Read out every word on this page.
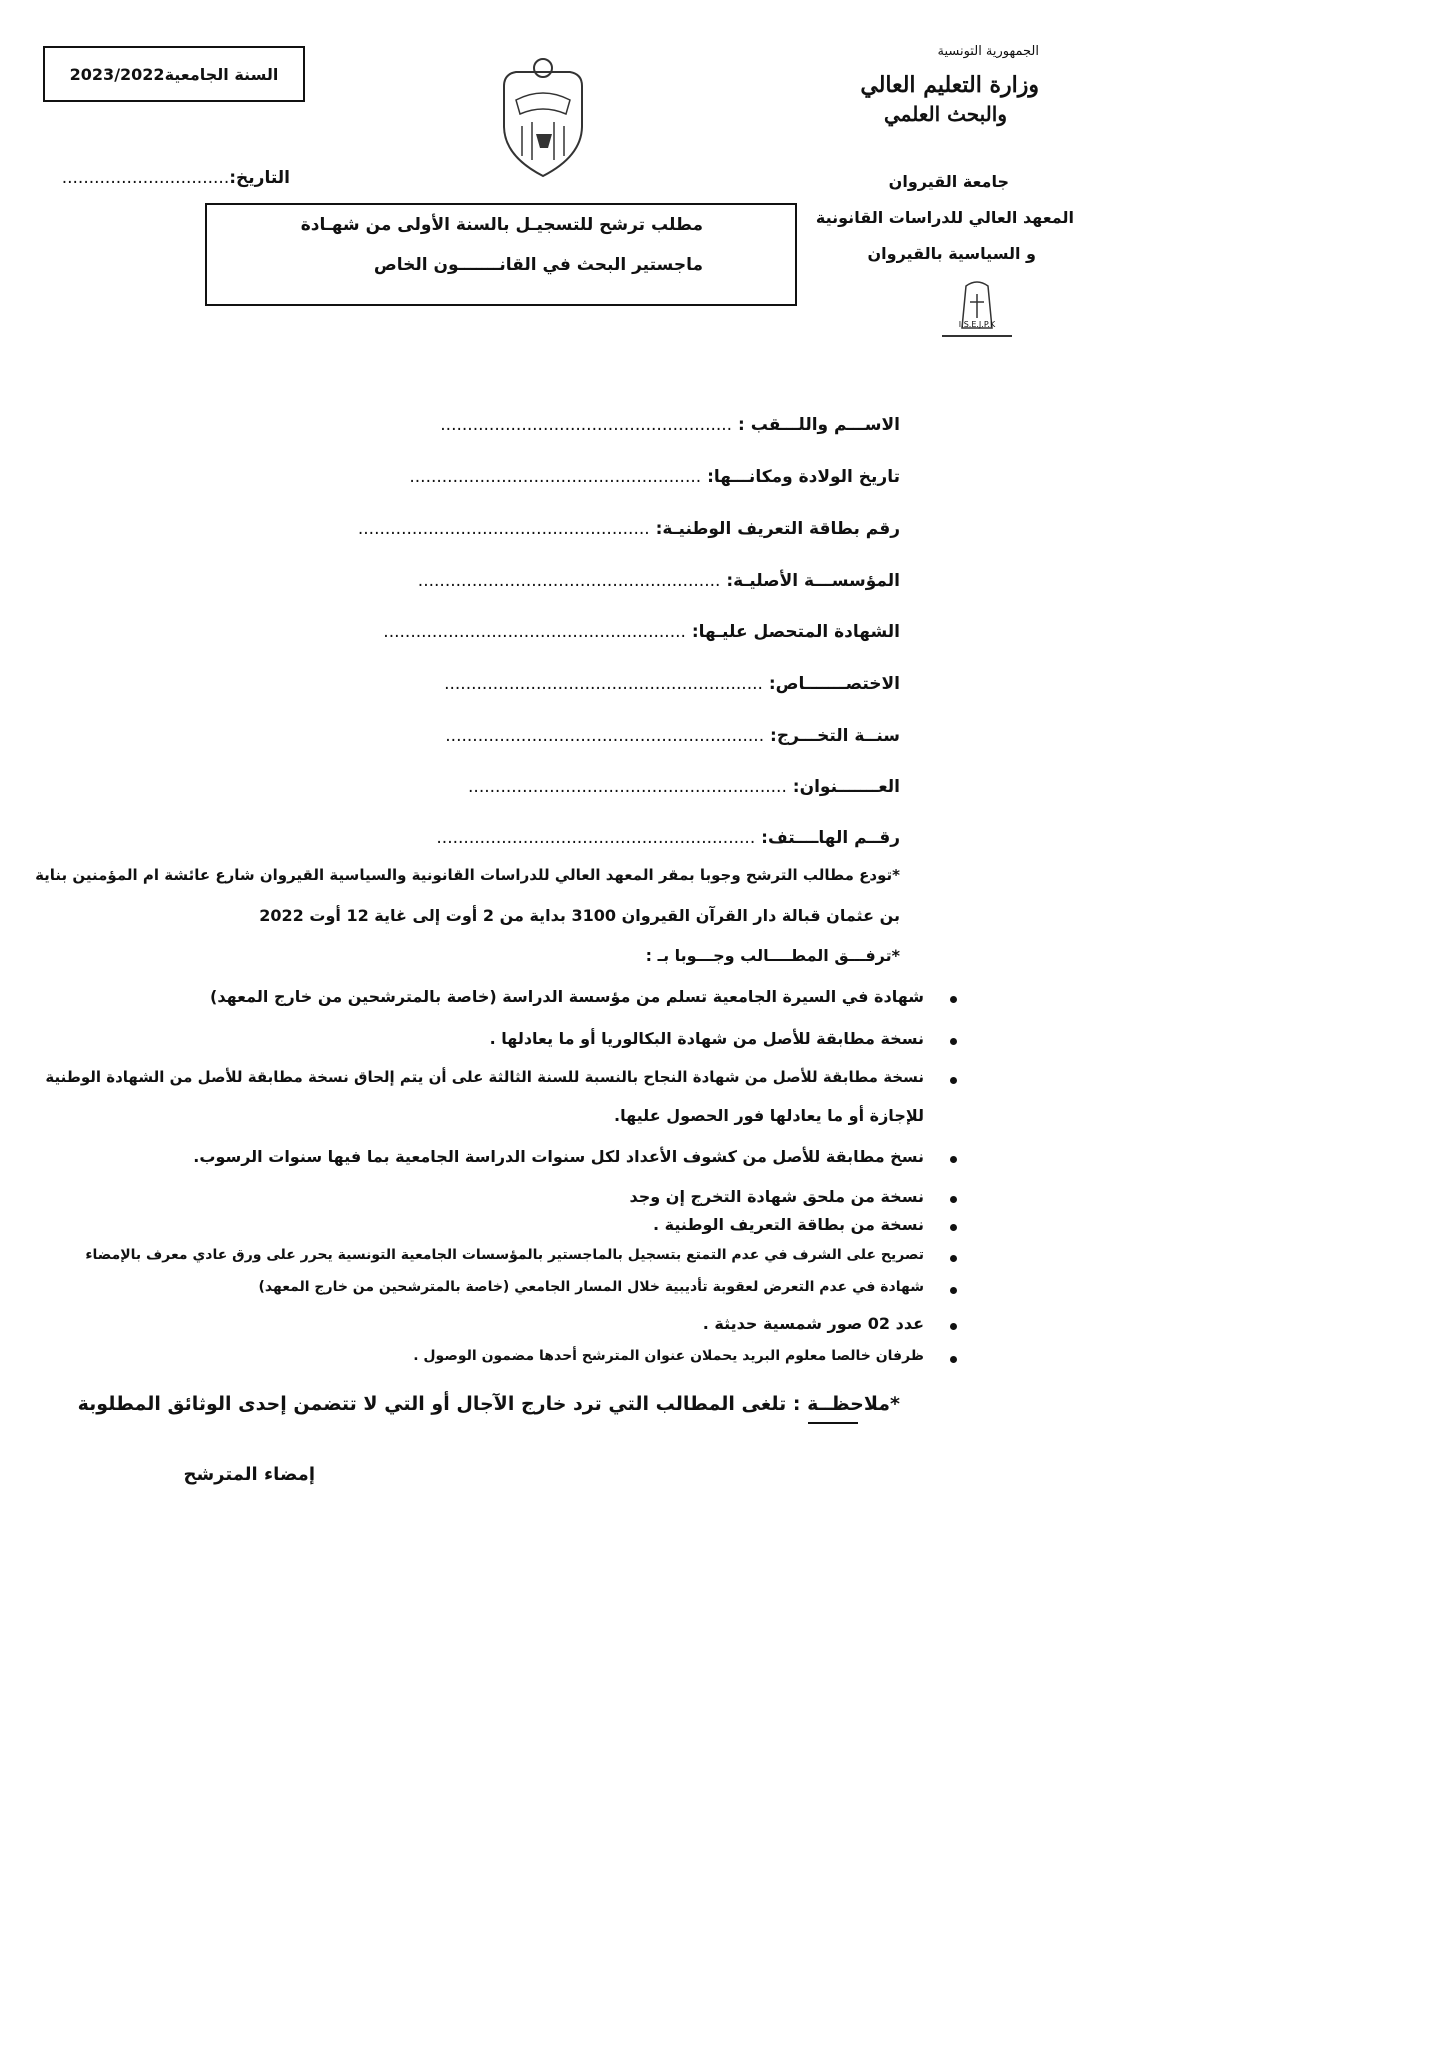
السنة الجامعية2023/2022
الجمهورية التونسية
وزارة التعليم العالي
والبحث العلمي
جامعة القيروان
المعهد العالي للدراسات القانونية
و السياسية بالقيروان
I.S.E.J.P.K
التاريخ:...............................
مطلب ترشح للتسجيـل بالسنة الأولى من شهـادة
ماجستير البحث في القانـــــــون الخاص
الاســـم واللـــقب : ......................................................
تاريخ الولادة ومكانـــها: ......................................................
رقم بطاقة التعريف الوطنيـة: ......................................................
المؤسســـة الأصليـة: ........................................................
الشهادة المتحصل عليـها: ........................................................
الاختصـــــــاص: ...........................................................
سنــة التخـــرج: ...........................................................
العـــــــنوان: ...........................................................
رقــم الهاــــتف: ...........................................................
*تودع مطالب الترشح وجوبا بمقر المعهد العالي للدراسات القانونية والسياسية القيروان شارع عائشة ام المؤمنين بناية
بن عثمان قبالة دار القرآن القيروان 3100 بداية من 2 أوت إلى غاية 12 أوت 2022
*ترفـــق المطــــالب وجـــوبا بـ :
شهادة في السيرة الجامعية تسلم من مؤسسة الدراسة (خاصة بالمترشحين من خارج المعهد)
نسخة مطابقة للأصل من شهادة البكالوريا أو ما يعادلها .
نسخة مطابقة للأصل من شهادة النجاح بالنسبة للسنة الثالثة على أن يتم إلحاق نسخة مطابقة للأصل من الشهادة الوطنية
للإجازة أو ما يعادلها فور الحصول عليها.
نسخ مطابقة للأصل من كشوف الأعداد لكل سنوات الدراسة الجامعية بما فيها سنوات الرسوب.
نسخة من ملحق شهادة التخرج إن وجد
نسخة من بطاقة التعريف الوطنية .
تصريح على الشرف في عدم التمتع بتسجيل بالماجستير بالمؤسسات الجامعية التونسية يحرر على ورق عادي معرف بالإمضاء
شهادة في عدم التعرض لعقوبة تأديبية خلال المسار الجامعي (خاصة بالمترشحين من خارج المعهد)
عدد 02 صور شمسية حديثة .
ظرفان خالصا معلوم البريد يحملان عنوان المترشح أحدها مضمون الوصول .
*ملاحظــة : تلغى المطالب التي ترد خارج الآجال أو التي لا تتضمن إحدى الوثائق المطلوبة
إمضاء المترشح
